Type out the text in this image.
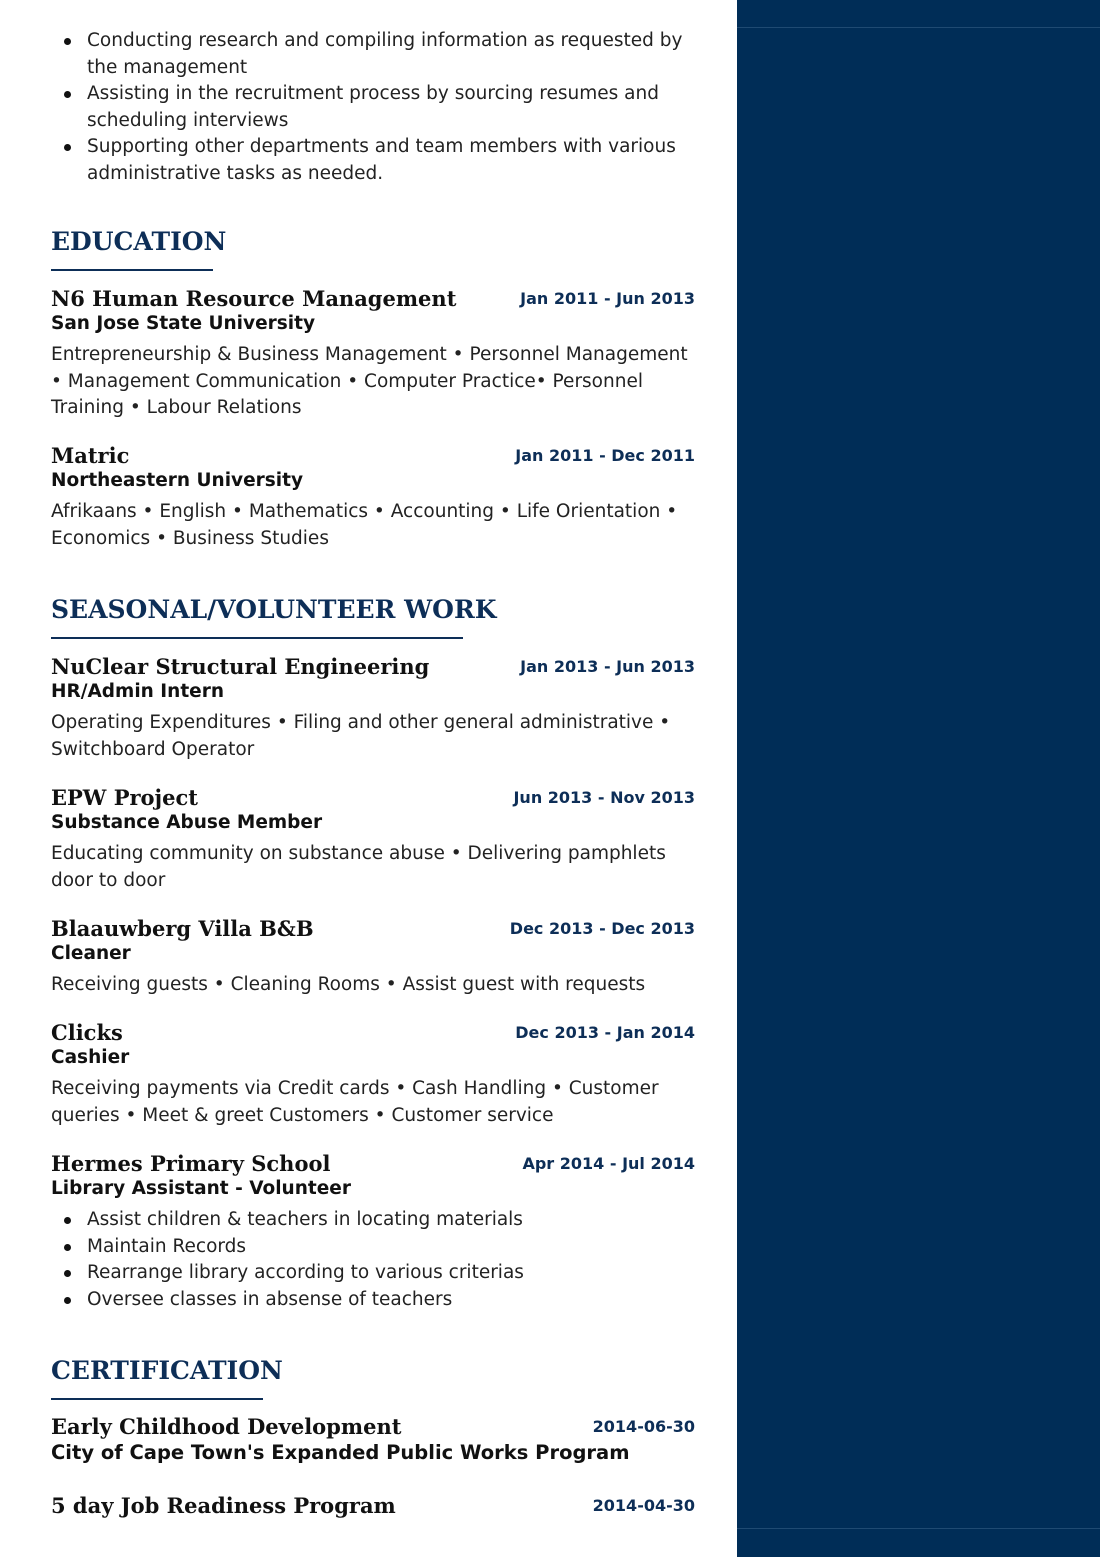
Conducting research and compiling information as requested by the management
Assisting in the recruitment process by sourcing resumes and scheduling interviews
Supporting other departments and team members with various administrative tasks as needed.
EDUCATION
N6 Human Resource Management	Jan 2011 - Jun 2013
San Jose State University
Entrepreneurship & Business Management • Personnel Management • Management Communication • Computer Practice• Personnel Training • Labour Relations
Matric	Jan 2011 - Dec 2011
Northeastern University
Afrikaans • English • Mathematics • Accounting • Life Orientation • Economics • Business Studies
SEASONAL/VOLUNTEER WORK
NuClear Structural Engineering	Jan 2013 - Jun 2013
HR/Admin Intern
Operating Expenditures • Filing and other general administrative • Switchboard Operator
EPW Project	Jun 2013 - Nov 2013
Substance Abuse Member
Educating community on substance abuse • Delivering pamphlets door to door
Blaauwberg Villa B&B	Dec 2013 - Dec 2013
Cleaner
Receiving guests • Cleaning Rooms • Assist guest with requests
Clicks	Dec 2013 - Jan 2014
Cashier
Receiving payments via Credit cards • Cash Handling • Customer queries • Meet & greet Customers • Customer service
Hermes Primary School	Apr 2014 - Jul 2014
Library Assistant - Volunteer
Assist children & teachers in locating materials
Maintain Records
Rearrange library according to various criterias
Oversee classes in absense of teachers
CERTIFICATION
Early Childhood Development	2014-06-30
City of Cape Town's Expanded Public Works Program
5 day Job Readiness Program	2014-04-30
